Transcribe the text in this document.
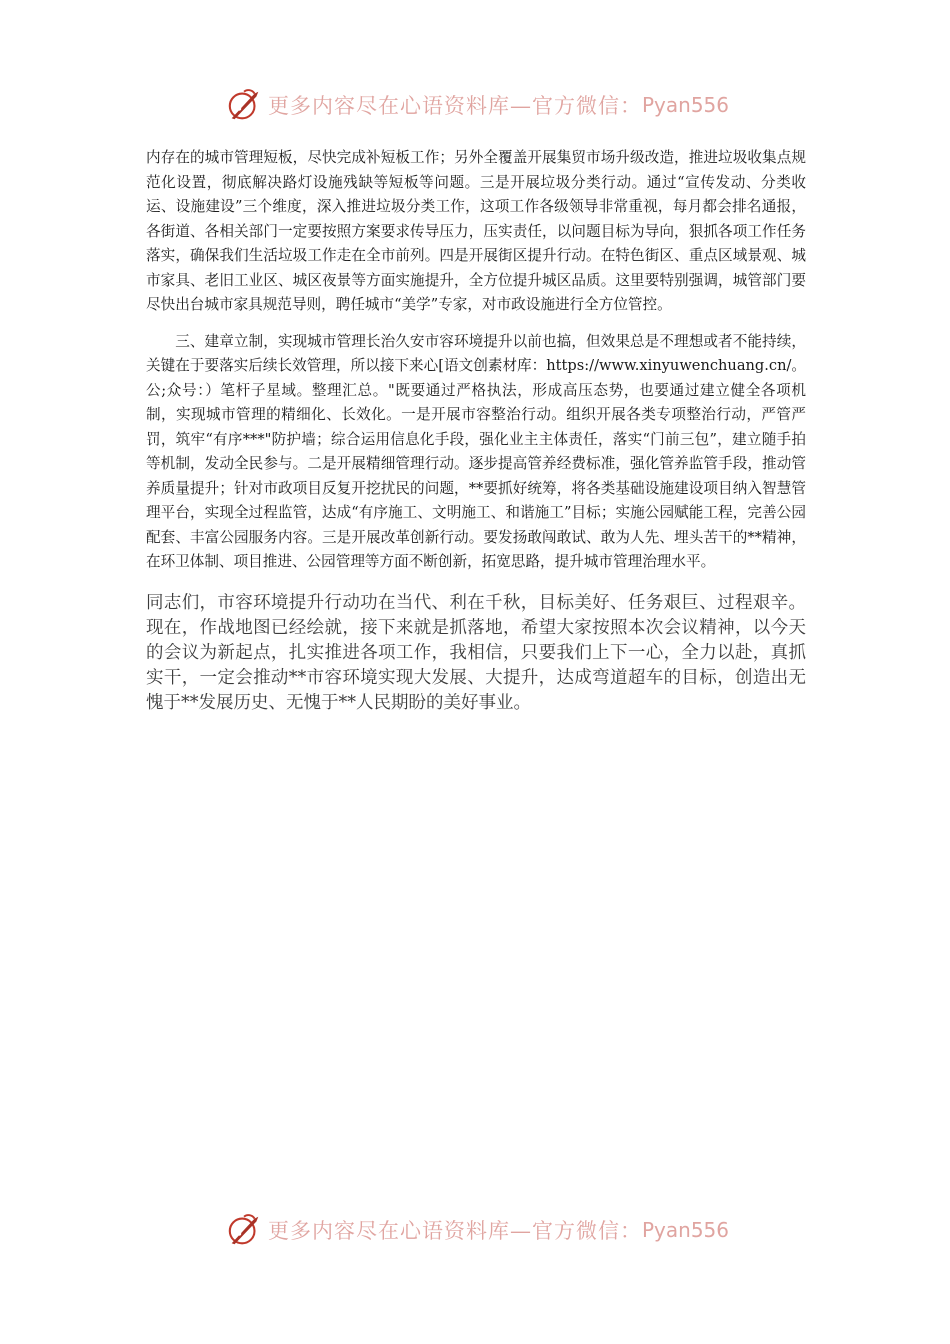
更多内容尽在心语资料库—官方微信： Pyan556

内存在的城市管理短板，尽快完成补短板工作；另外全覆盖开展集贸市场升级改造，推进垃圾收集点规范化设置，彻底解决路灯设施残缺等短板等问题。三是开展垃圾分类行动。通过“宣传发动、分类收运、设施建设”三个维度，深入推进垃圾分类工作，这项工作各级领导非常重视，每月都会排名通报，各街道、各相关部门一定要按照方案要求传导压力，压实责任，以问题目标为导向，狠抓各项工作任务落实，确保我们生活垃圾工作走在全市前列。四是开展街区提升行动。在特色街区、重点区域景观、城市家具、老旧工业区、城区夜景等方面实施提升，全方位提升城区品质。这里要特别强调，城管部门要尽快出台城市家具规范导则，聘任城市“美学”专家，对市政设施进行全方位管控。

三、建章立制，实现城市管理长治久安市容环境提升以前也搞，但效果总是不理想或者不能持续，关键在于要落实后续长效管理，所以接下来心[语文创素材库：https://www.xinyuwenchuang.cn/。公;众号：）笔杆子星域。整理汇总。"既要通过严格执法，形成高压态势，也要通过建立健全各项机制，实现城市管理的精细化、长效化。一是开展市容整治行动。组织开展各类专项整治行动，严管严罚，筑牢“有序***"防护墙；综合运用信息化手段，强化业主主体责任，落实“门前三包”，建立随手拍等机制，发动全民参与。二是开展精细管理行动。逐步提高管养经费标准，强化管养监管手段，推动管养质量提升；针对市政项目反复开挖扰民的问题，**要抓好统筹，将各类基础设施建设项目纳入智慧管理平台，实现全过程监管，达成“有序施工、文明施工、和谐施工”目标；实施公园赋能工程，完善公园配套、丰富公园服务内容。三是开展改革创新行动。要发扬敢闯敢试、敢为人先、埋头苦干的**精神，在环卫体制、项目推进、公园管理等方面不断创新，拓宽思路，提升城市管理治理水平。

同志们，市容环境提升行动功在当代、利在千秋，目标美好、任务艰巨、过程艰辛。现在，作战地图已经绘就，接下来就是抓落地，希望大家按照本次会议精神，以今天的会议为新起点，扎实推进各项工作，我相信，只要我们上下一心，全力以赴，真抓实干，一定会推动**市容环境实现大发展、大提升，达成弯道超车的目标，创造出无愧于**发展历史、无愧于**人民期盼的美好事业。

更多内容尽在心语资料库—官方微信： Pyan556
